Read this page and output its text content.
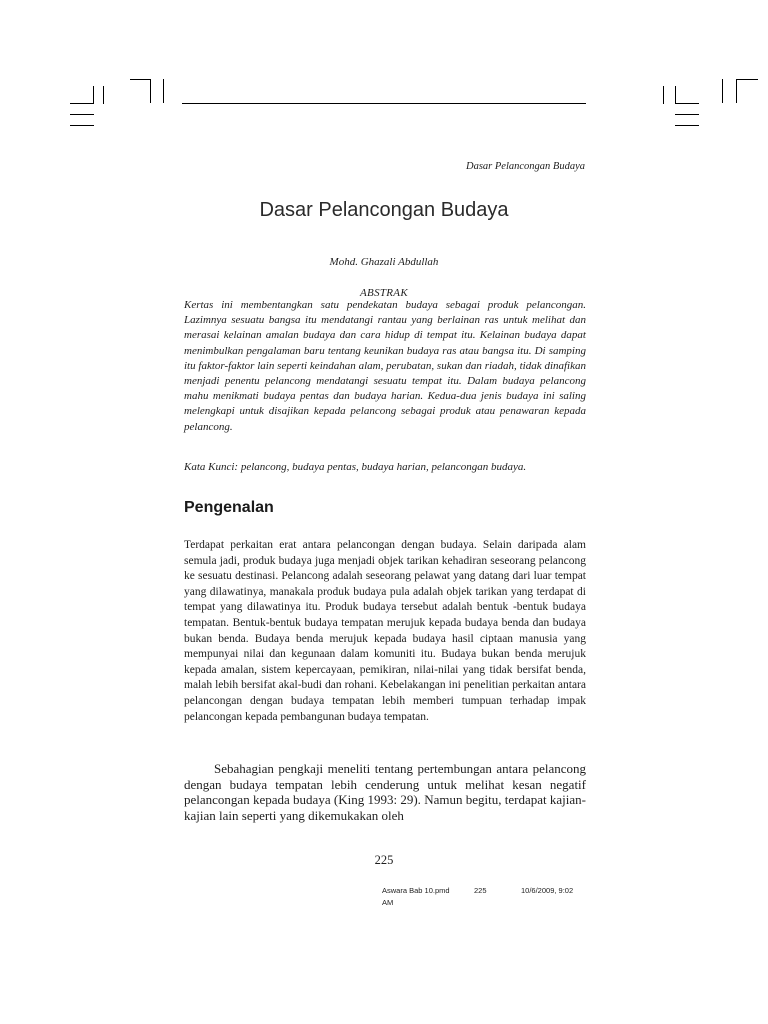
Dasar Pelancongan Budaya
Dasar Pelancongan Budaya
Mohd. Ghazali Abdullah
ABSTRAK

Kertas ini membentangkan satu pendekatan budaya sebagai produk pelancongan. Lazimnya sesuatu bangsa itu mendatangi rantau yang berlainan ras untuk melihat dan merasai kelainan amalan budaya dan cara hidup di tempat itu. Kelainan budaya dapat menimbulkan pengalaman baru tentang keunikan budaya ras atau bangsa itu. Di samping itu faktor-faktor lain seperti keindahan alam, perubatan, sukan dan riadah, tidak dinafikan menjadi penentu pelancong mendatangi sesuatu tempat itu. Dalam budaya pelancong mahu menikmati budaya pentas dan budaya harian. Kedua-dua jenis budaya ini saling melengkapi untuk disajikan kepada pelancong sebagai produk atau penawaran kepada pelancong.

Kata Kunci: pelancong, budaya pentas, budaya harian, pelancongan budaya.

Pengenalan

Terdapat perkaitan erat antara pelancongan dengan budaya. Selain daripada alam semula jadi, produk budaya juga menjadi objek tarikan kehadiran seseorang pelancong ke sesuatu destinasi. Pelancong adalah seseorang pelawat yang datang dari luar tempat yang dilawatinya, manakala produk budaya pula adalah objek tarikan yang terdapat di tempat yang dilawatinya itu. Produk budaya tersebut adalah bentuk -bentuk budaya tempatan. Bentuk-bentuk budaya tempatan merujuk kepada budaya benda dan budaya bukan benda. Budaya benda merujuk kepada budaya hasil ciptaan manusia yang mempunyai nilai dan kegunaan dalam komuniti itu. Budaya bukan benda merujuk kepada amalan, sistem kepercayaan, pemikiran, nilai-nilai yang tidak bersifat benda, malah lebih bersifat akal-budi dan rohani. Kebelakangan ini penelitian perkaitan antara pelancongan dengan budaya tempatan lebih memberi tumpuan terhadap impak pelancongan kepada pembangunan budaya tempatan.

Sebahagian pengkaji meneliti tentang pertembungan antara pelancong dengan budaya tempatan lebih cenderung untuk melihat kesan negatif pelancongan kepada budaya (King 1993: 29). Namun begitu, terdapat kajian-kajian lain seperti yang dikemukakan oleh

225
Aswara Bab 10.pmd	225	10/6/2009, 9:02
AM
